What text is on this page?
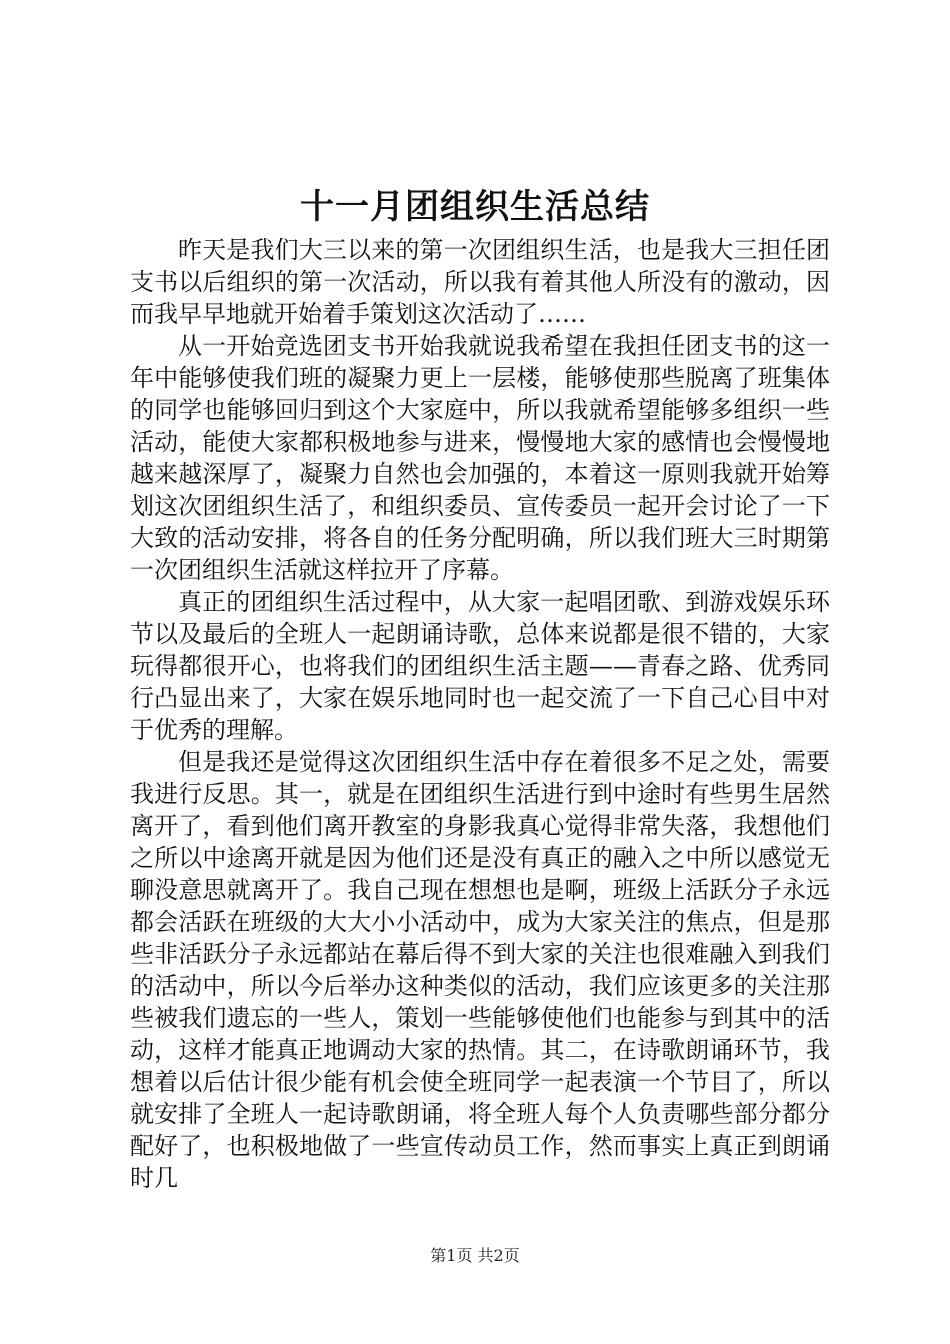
十一月团组织生活总结

昨天是我们大三以来的第一次团组织生活，也是我大三担任团支书以后组织的第一次活动，所以我有着其他人所没有的激动，因而我早早地就开始着手策划这次活动了……

从一开始竞选团支书开始我就说我希望在我担任团支书的这一年中能够使我们班的凝聚力更上一层楼，能够使那些脱离了班集体的同学也能够回归到这个大家庭中，所以我就希望能够多组织一些活动，能使大家都积极地参与进来，慢慢地大家的感情也会慢慢地越来越深厚了，凝聚力自然也会加强的，本着这一原则我就开始筹划这次团组织生活了，和组织委员、宣传委员一起开会讨论了一下大致的活动安排，将各自的任务分配明确，所以我们班大三时期第一次团组织生活就这样拉开了序幕。

真正的团组织生活过程中，从大家一起唱团歌、到游戏娱乐环节以及最后的全班人一起朗诵诗歌，总体来说都是很不错的，大家玩得都很开心，也将我们的团组织生活主题——青春之路、优秀同行凸显出来了，大家在娱乐地同时也一起交流了一下自己心目中对于优秀的理解。

但是我还是觉得这次团组织生活中存在着很多不足之处，需要我进行反思。其一，就是在团组织生活进行到中途时有些男生居然离开了，看到他们离开教室的身影我真心觉得非常失落，我想他们之所以中途离开就是因为他们还是没有真正的融入之中所以感觉无聊没意思就离开了。我自己现在想想也是啊，班级上活跃分子永远都会活跃在班级的大大小小活动中，成为大家关注的焦点，但是那些非活跃分子永远都站在幕后得不到大家的关注也很难融入到我们的活动中，所以今后举办这种类似的活动，我们应该更多的关注那些被我们遗忘的一些人，策划一些能够使他们也能参与到其中的活动，这样才能真正地调动大家的热情。其二，在诗歌朗诵环节，我想着以后估计很少能有机会使全班同学一起表演一个节目了，所以就安排了全班人一起诗歌朗诵，将全班人每个人负责哪些部分都分配好了，也积极地做了一些宣传动员工作，然而事实上真正到朗诵时几

第1页 共2页
